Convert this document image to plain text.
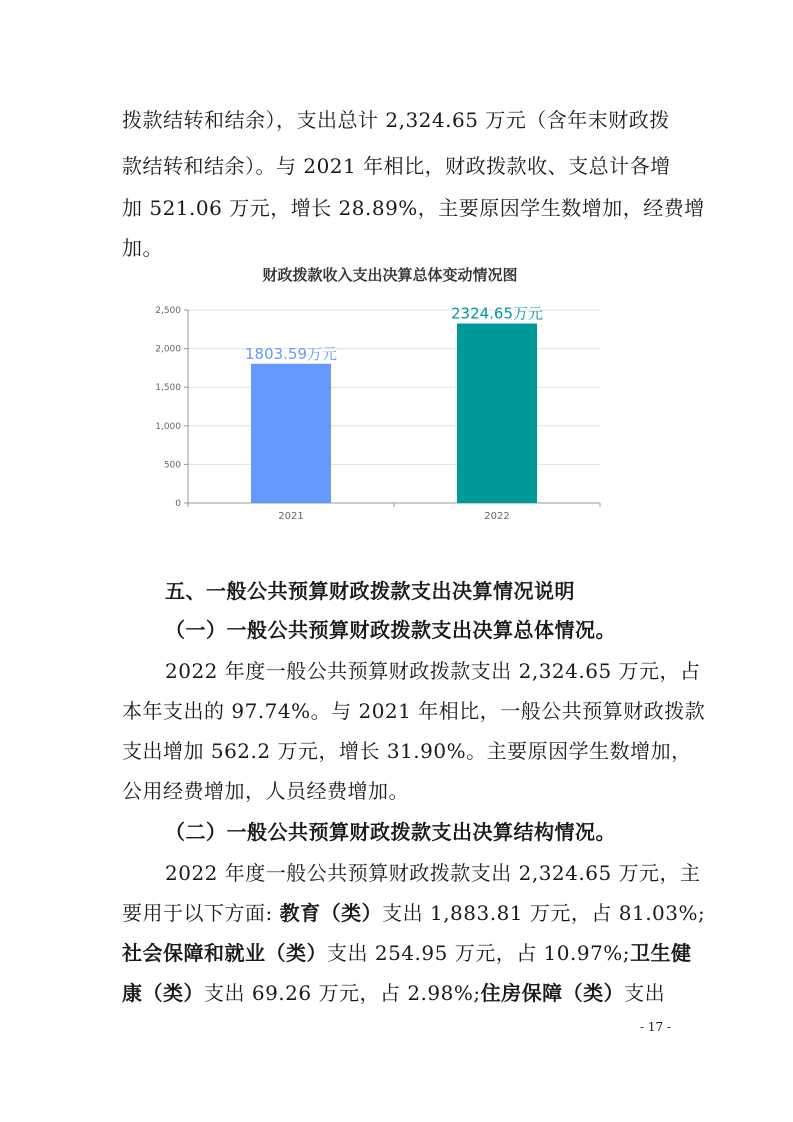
拨款结转和结余），支出总计 2,324.65 万元（含年末财政拨
款结转和结余）。与 2021 年相比，财政拨款收、支总计各增
加 521.06 万元，增长 28.89%，主要原因学生数增加，经费增
加。
财政拨款收入支出决算总体变动情况图
0
500
1,000
1,500
2,000
2,500
1803.59万元
2021
2324.65万元
2022
五、一般公共预算财政拨款支出决算情况说明
（一）一般公共预算财政拨款支出决算总体情况。
2022 年度一般公共预算财政拨款支出 2,324.65 万元，占
本年支出的 97.74%。与 2021 年相比，一般公共预算财政拨款
支出增加 562.2 万元，增长 31.90%。主要原因学生数增加，
公用经费增加，人员经费增加。
（二）一般公共预算财政拨款支出决算结构情况。
2022 年度一般公共预算财政拨款支出 2,324.65 万元，主
要用于以下方面: 教育（类）支出 1,883.81 万元，占 81.03%;
社会保障和就业（类）支出 254.95 万元，占 10.97%;卫生健
康（类）支出 69.26 万元，占 2.98%;住房保障（类）支出
- 17 -
